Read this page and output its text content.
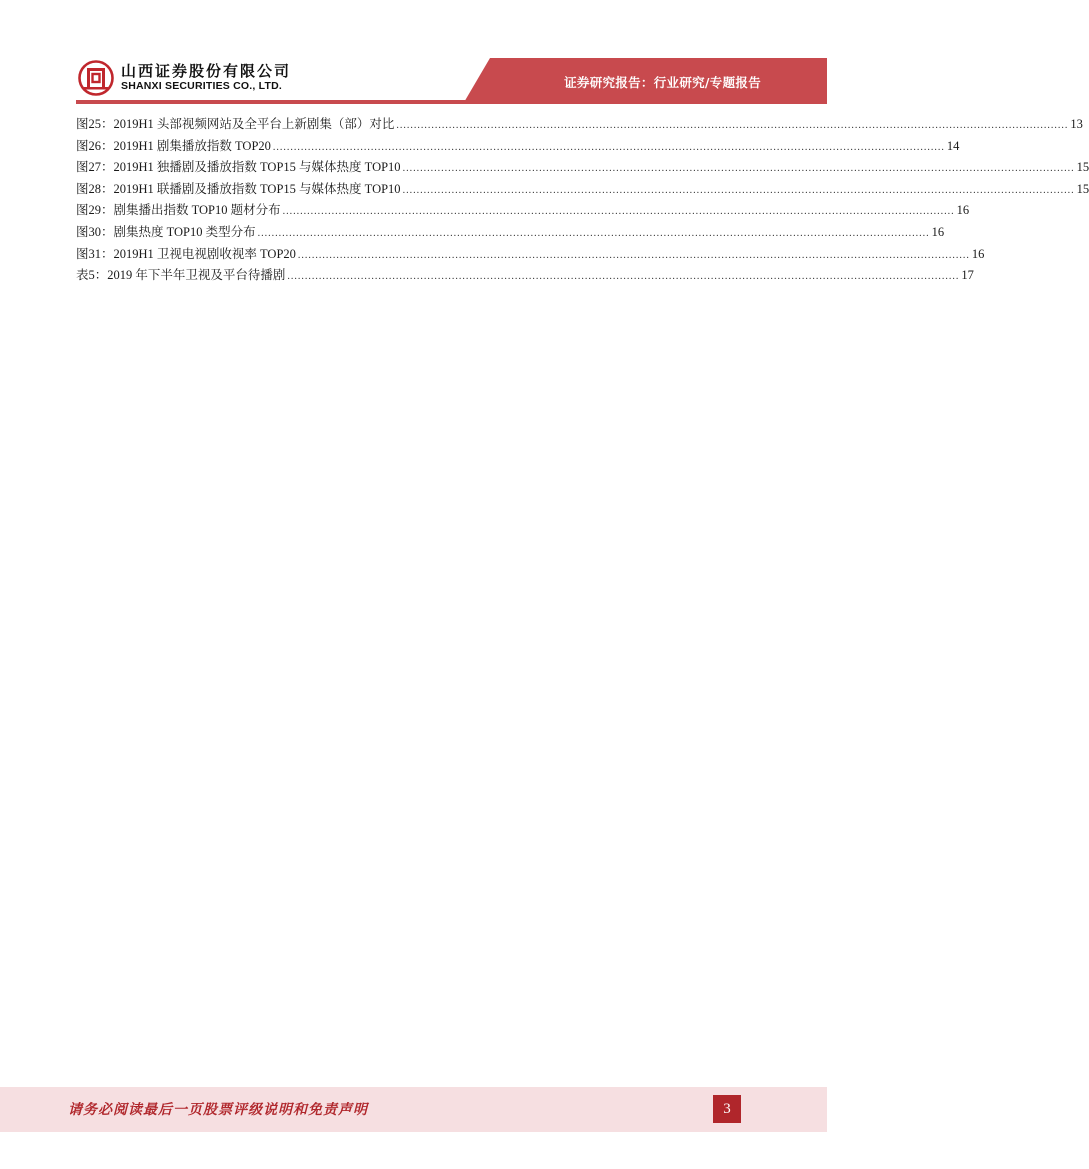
山西证券股份有限公司
SHANXI SECURITIES CO., LTD.	证券研究报告：行业研究/专题报告
图25：2019H1 头部视频网站及全平台上新剧集（部）对比 ................................................................................................................................................................................................ 13
图26：2019H1 剧集播放指数 TOP20 ................................................................................................................................................................................................ 14
图27：2019H1 独播剧及播放指数 TOP15 与媒体热度 TOP10 ................................................................................................................................................................................................ 15
图28：2019H1 联播剧及播放指数 TOP15 与媒体热度 TOP10 ................................................................................................................................................................................................ 15
图29：剧集播出指数 TOP10 题材分布 ................................................................................................................................................................................................ 16
图30：剧集热度 TOP10 类型分布 ................................................................................................................................................................................................ 16
图31：2019H1 卫视电视剧收视率 TOP20 ................................................................................................................................................................................................ 16
表5：2019 年下半年卫视及平台待播剧 ................................................................................................................................................................................................ 17
请务必阅读最后一页股票评级说明和免责声明	3
